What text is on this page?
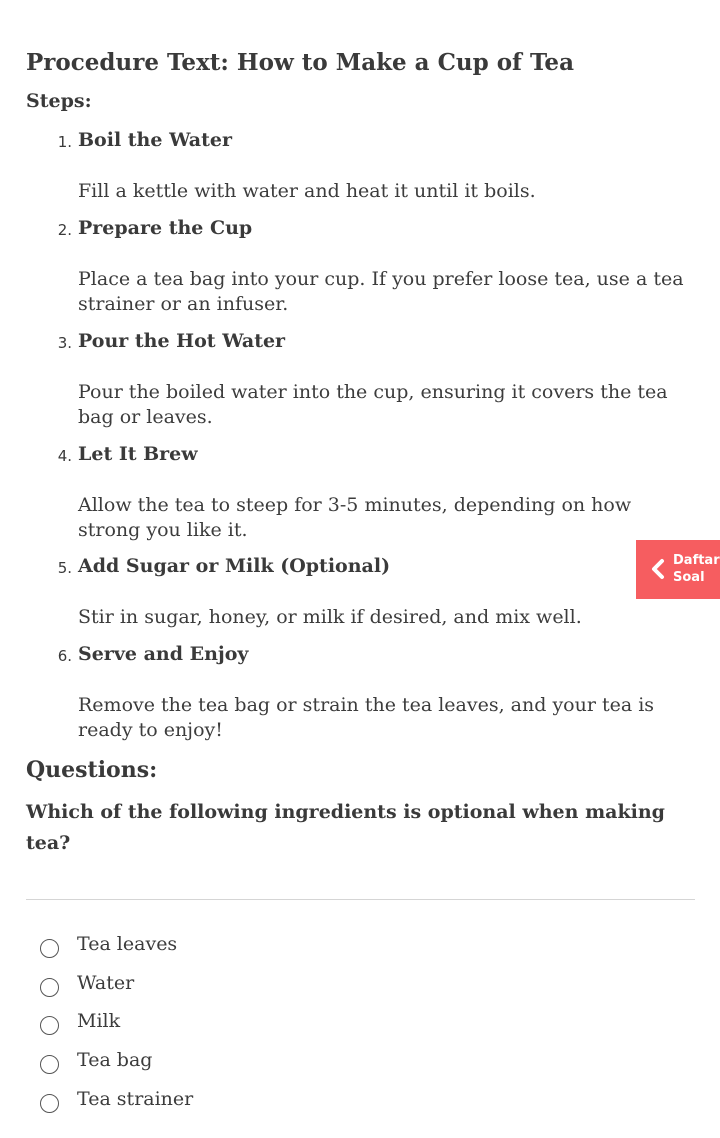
Procedure Text: How to Make a Cup of Tea
Steps:
1. Boil the Water
Fill a kettle with water and heat it until it boils.
2. Prepare the Cup
Place a tea bag into your cup. If you prefer loose tea, use a tea strainer or an infuser.
3. Pour the Hot Water
Pour the boiled water into the cup, ensuring it covers the tea bag or leaves.
4. Let It Brew
Allow the tea to steep for 3-5 minutes, depending on how strong you like it.
5. Add Sugar or Milk (Optional)
Stir in sugar, honey, or milk if desired, and mix well.
6. Serve and Enjoy
Remove the tea bag or strain the tea leaves, and your tea is ready to enjoy!
Questions:

Which of the following ingredients is optional when making tea?

Tea leaves
Water
Milk
Tea bag
Tea strainer
Daftar
Soal
